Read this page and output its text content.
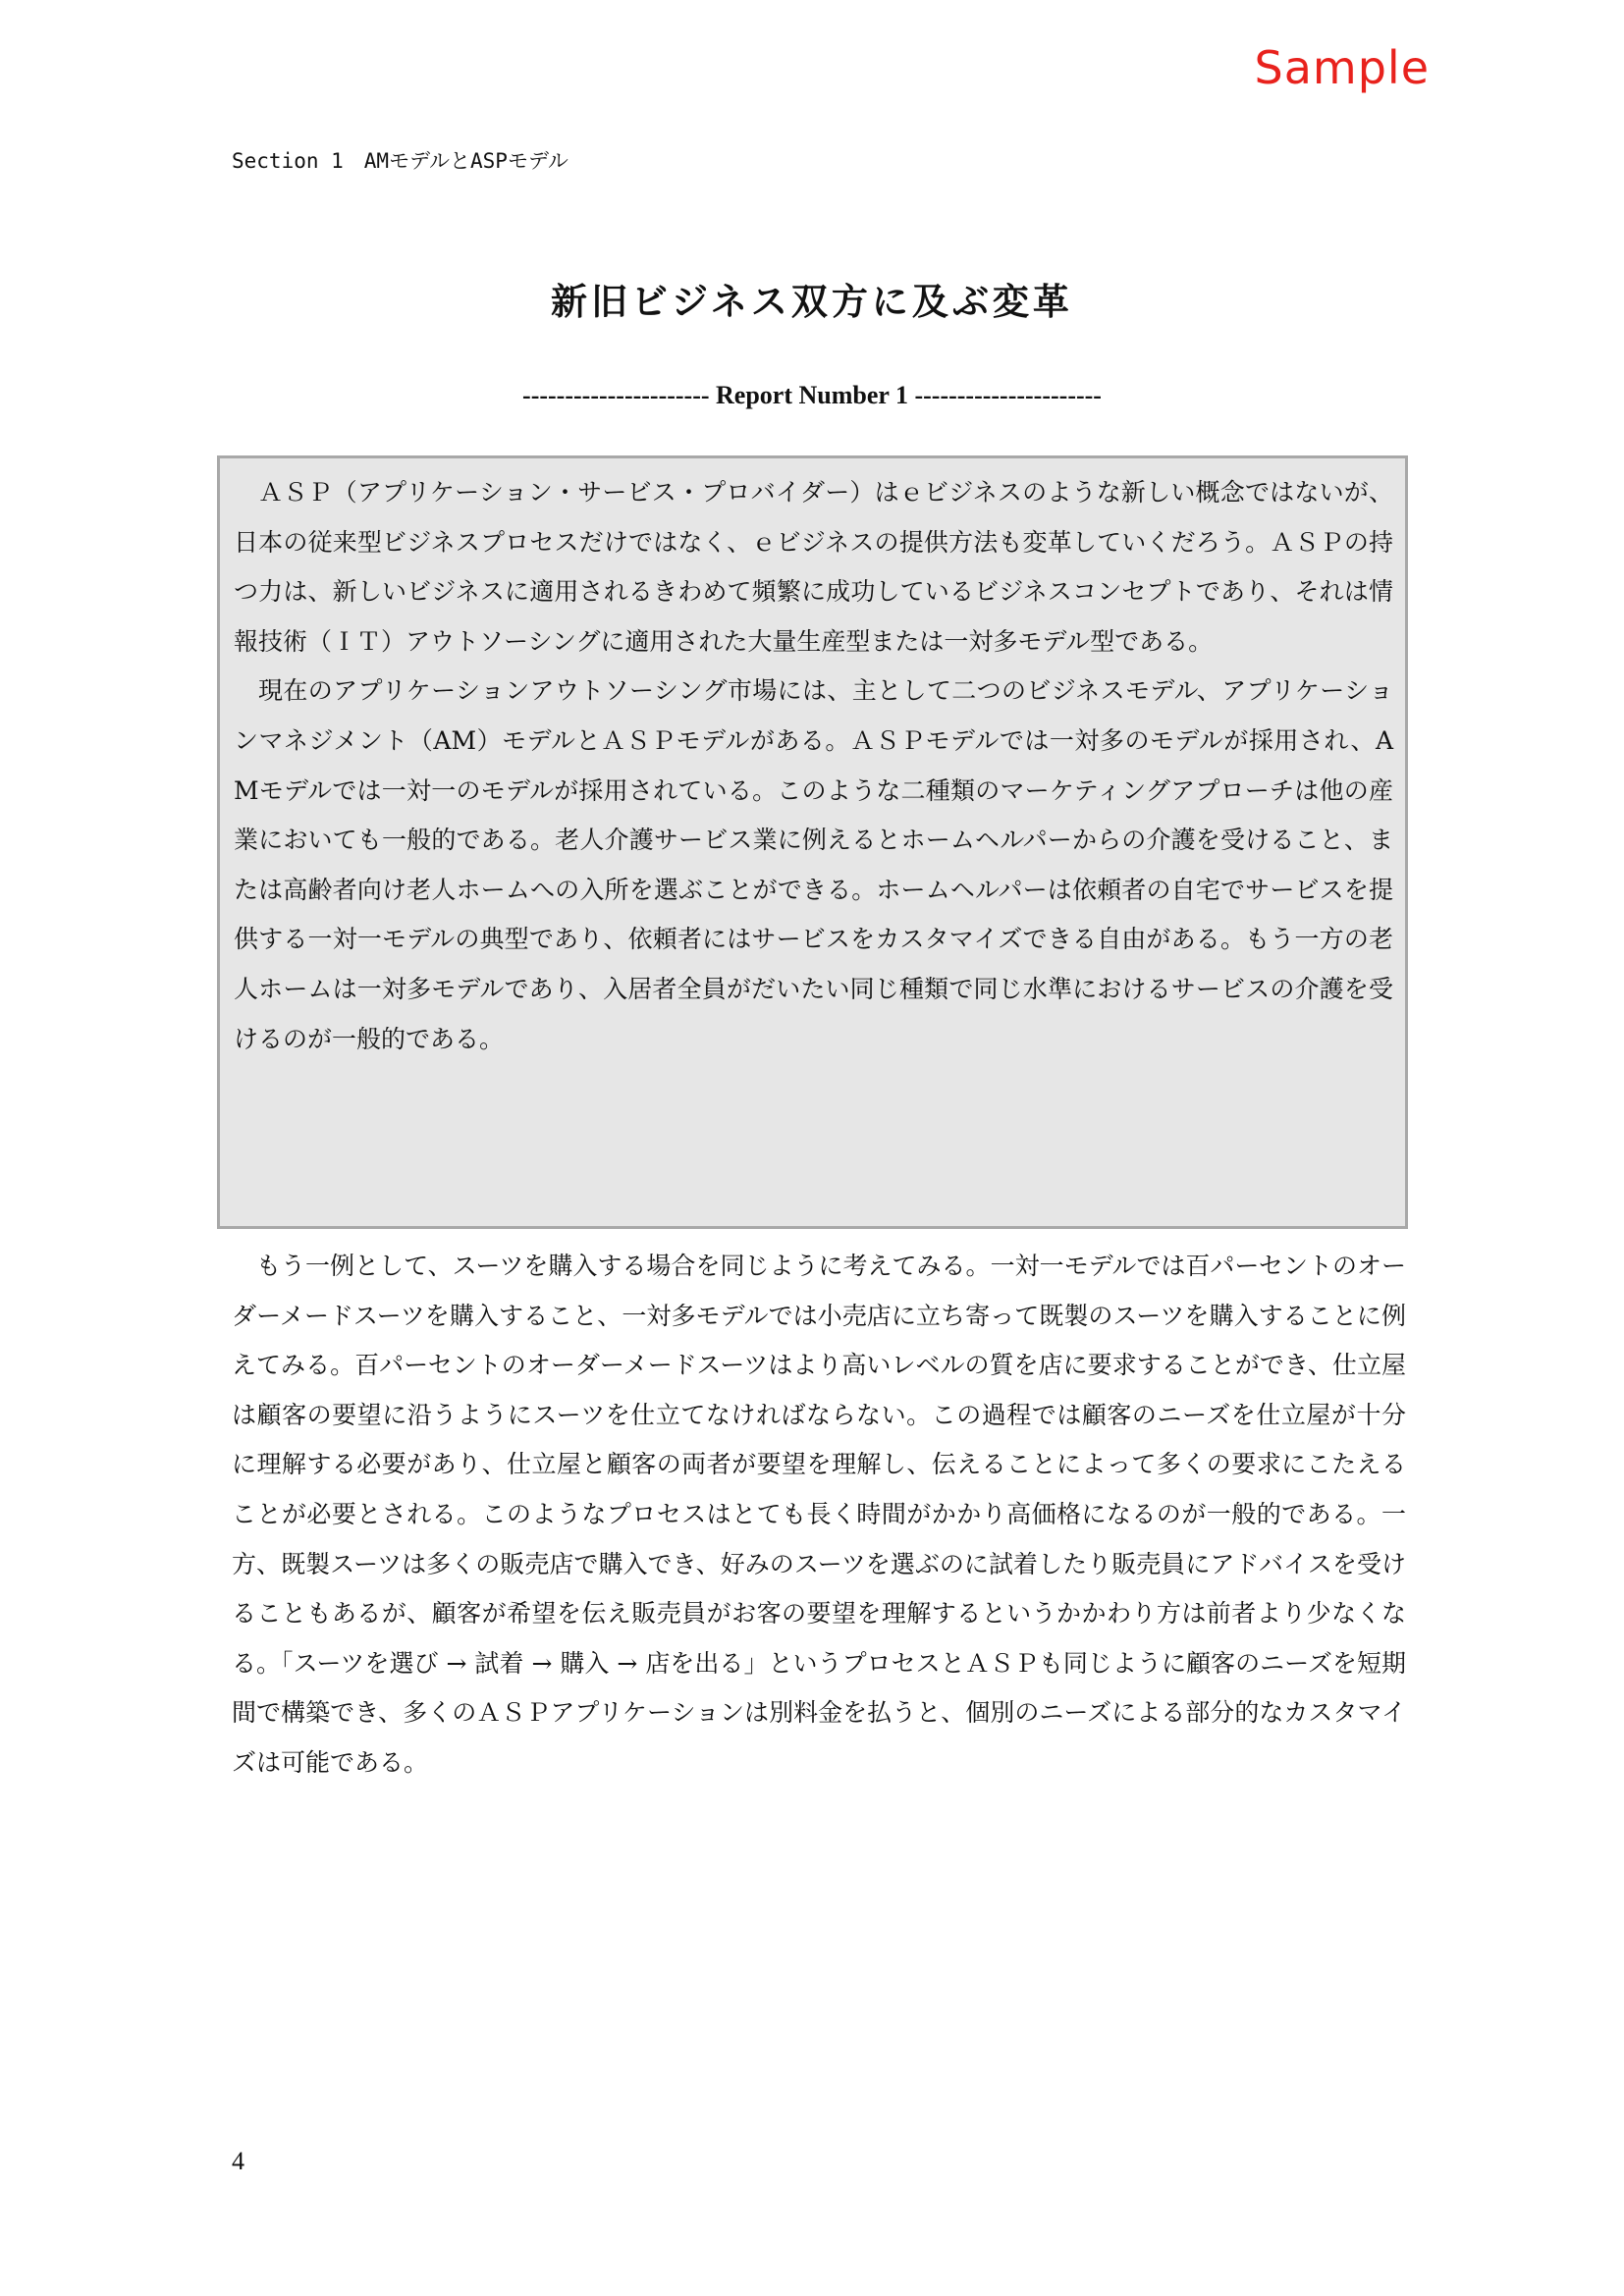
Sample
Section 1　AMモデルとASPモデル
新旧ビジネス双方に及ぶ変革
---------------------- Report Number 1 ----------------------

ＡＳＰ（アプリケーション・サービス・プロバイダー）はｅビジネスのような新しい概念ではないが、日本の従来型ビジネスプロセスだけではなく、ｅビジネスの提供方法も変革していくだろう。ＡＳＰの持つ力は、新しいビジネスに適用されるきわめて頻繁に成功しているビジネスコンセプトであり、それは情報技術（ＩＴ）アウトソーシングに適用された大量生産型または一対多モデル型である。

現在のアプリケーションアウトソーシング市場には、主として二つのビジネスモデル、アプリケーションマネジメント（AM）モデルとＡＳＰモデルがある。ＡＳＰモデルでは一対多のモデルが採用され、AMモデルでは一対一のモデルが採用されている。このような二種類のマーケティングアプローチは他の産業においても一般的である。老人介護サービス業に例えるとホームヘルパーからの介護を受けること、または高齢者向け老人ホームへの入所を選ぶことができる。ホームヘルパーは依頼者の自宅でサービスを提供する一対一モデルの典型であり、依頼者にはサービスをカスタマイズできる自由がある。もう一方の老人ホームは一対多モデルであり、入居者全員がだいたい同じ種類で同じ水準におけるサービスの介護を受けるのが一般的である。

もう一例として、スーツを購入する場合を同じように考えてみる。一対一モデルでは百パーセントのオーダーメードスーツを購入すること、一対多モデルでは小売店に立ち寄って既製のスーツを購入することに例えてみる。百パーセントのオーダーメードスーツはより高いレベルの質を店に要求することができ、仕立屋は顧客の要望に沿うようにスーツを仕立てなければならない。この過程では顧客のニーズを仕立屋が十分に理解する必要があり、仕立屋と顧客の両者が要望を理解し、伝えることによって多くの要求にこたえることが必要とされる。このようなプロセスはとても長く時間がかかり高価格になるのが一般的である。一方、既製スーツは多くの販売店で購入でき、好みのスーツを選ぶのに試着したり販売員にアドバイスを受けることもあるが、顧客が希望を伝え販売員がお客の要望を理解するというかかわり方は前者より少なくなる。「スーツを選び → 試着 → 購入 → 店を出る」というプロセスとＡＳＰも同じように顧客のニーズを短期間で構築でき、多くのＡＳＰアプリケーションは別料金を払うと、個別のニーズによる部分的なカスタマイズは可能である。

4
